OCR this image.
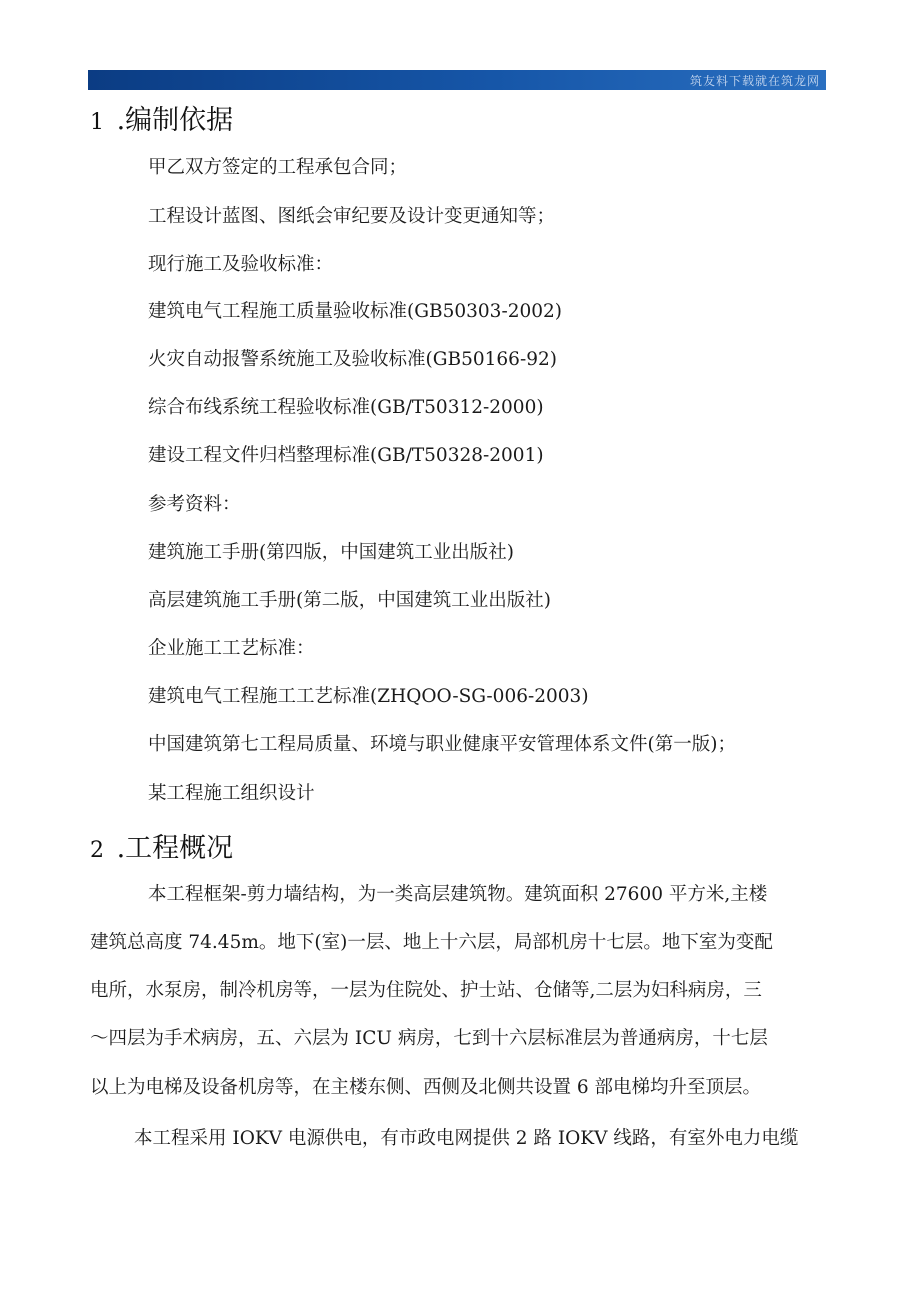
筑友料下载就在筑龙网
1 .编制依据
甲乙双方签定的工程承包合同；
工程设计蓝图、图纸会审纪要及设计变更通知等；
现行施工及验收标准：
建筑电气工程施工质量验收标准(GB50303-2002)
火灾自动报警系统施工及验收标准(GB50166-92)
综合布线系统工程验收标准(GB/T50312-2000)
建设工程文件归档整理标准(GB/T50328-2001)
参考资料：
建筑施工手册(第四版，中国建筑工业出版社)
高层建筑施工手册(第二版，中国建筑工业出版社)
企业施工工艺标准：
建筑电气工程施工工艺标准(ZHQOO-SG-006-2003)
中国建筑第七工程局质量、环境与职业健康平安管理体系文件(第一版)；
某工程施工组织设计
2 .工程概况
本工程框架-剪力墙结构，为一类高层建筑物。建筑面积 27600 平方米,主楼
建筑总高度 74.45m。地下(室)一层、地上十六层，局部机房十七层。地下室为变配
电所，水泵房，制冷机房等，一层为住院处、护士站、仓储等,二层为妇科病房，三
～四层为手术病房，五、六层为 ICU 病房，七到十六层标准层为普通病房，十七层
以上为电梯及设备机房等，在主楼东侧、西侧及北侧共设置 6 部电梯均升至顶层。
本工程采用 IOKV 电源供电，有市政电网提供 2 路 IOKV 线路，有室外电力电缆
